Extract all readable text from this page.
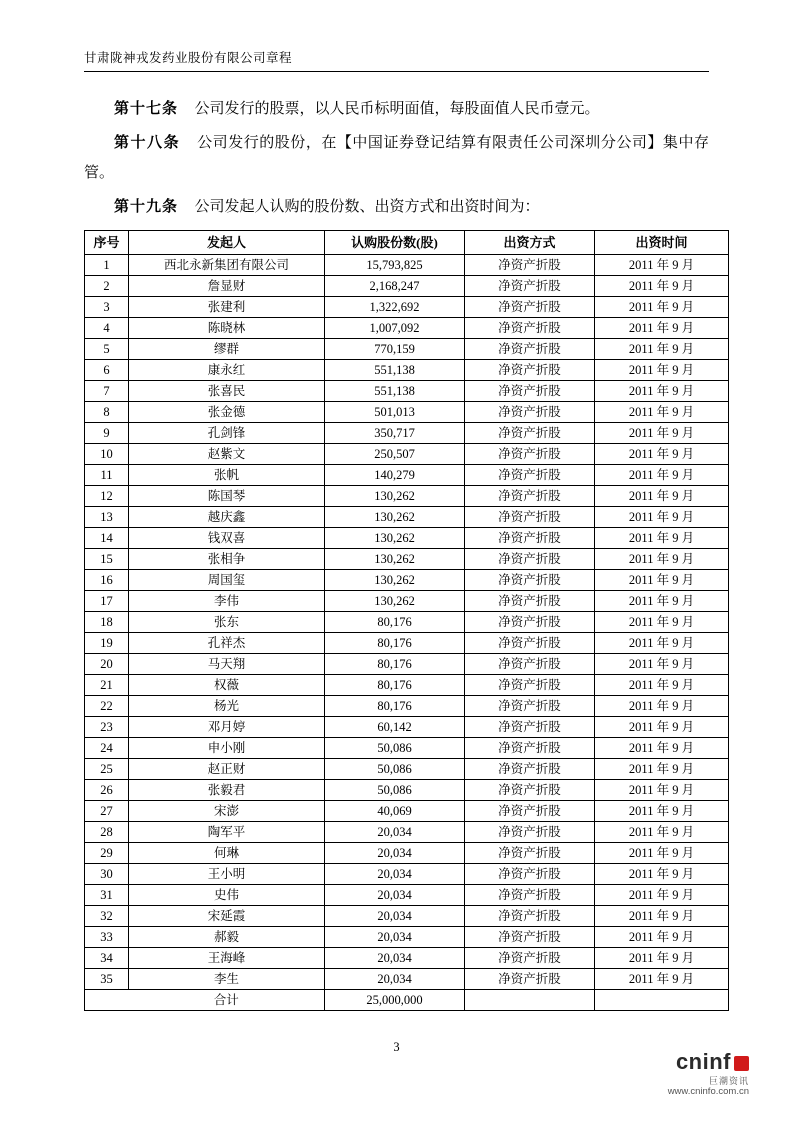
甘肃陇神戎发药业股份有限公司章程

第十七条 公司发行的股票，以人民币标明面值，每股面值人民币壹元。

第十八条 公司发行的股份，在【中国证券登记结算有限责任公司深圳分公司】集中存管。

第十九条 公司发起人认购的股份数、出资方式和出资时间为：

序号	发起人	认购股份数(股)	出资方式	出资时间
1	西北永新集团有限公司	15,793,825	净资产折股	2011 年 9 月
2	詹显财	2,168,247	净资产折股	2011 年 9 月
3	张建利	1,322,692	净资产折股	2011 年 9 月
4	陈晓林	1,007,092	净资产折股	2011 年 9 月
5	缪群	770,159	净资产折股	2011 年 9 月
6	康永红	551,138	净资产折股	2011 年 9 月
7	张喜民	551,138	净资产折股	2011 年 9 月
8	张金德	501,013	净资产折股	2011 年 9 月
9	孔剑锋	350,717	净资产折股	2011 年 9 月
10	赵紫文	250,507	净资产折股	2011 年 9 月
11	张帆	140,279	净资产折股	2011 年 9 月
12	陈国琴	130,262	净资产折股	2011 年 9 月
13	越庆鑫	130,262	净资产折股	2011 年 9 月
14	钱双喜	130,262	净资产折股	2011 年 9 月
15	张相争	130,262	净资产折股	2011 年 9 月
16	周国玺	130,262	净资产折股	2011 年 9 月
17	李伟	130,262	净资产折股	2011 年 9 月
18	张东	80,176	净资产折股	2011 年 9 月
19	孔祥杰	80,176	净资产折股	2011 年 9 月
20	马天翔	80,176	净资产折股	2011 年 9 月
21	权薇	80,176	净资产折股	2011 年 9 月
22	杨光	80,176	净资产折股	2011 年 9 月
23	邓月婷	60,142	净资产折股	2011 年 9 月
24	申小刚	50,086	净资产折股	2011 年 9 月
25	赵正财	50,086	净资产折股	2011 年 9 月
26	张毅君	50,086	净资产折股	2011 年 9 月
27	宋澎	40,069	净资产折股	2011 年 9 月
28	陶军平	20,034	净资产折股	2011 年 9 月
29	何琳	20,034	净资产折股	2011 年 9 月
30	王小明	20,034	净资产折股	2011 年 9 月
31	史伟	20,034	净资产折股	2011 年 9 月
32	宋延霞	20,034	净资产折股	2011 年 9 月
33	郝毅	20,034	净资产折股	2011 年 9 月
34	王海峰	20,034	净资产折股	2011 年 9 月
35	李生	20,034	净资产折股	2011 年 9 月
	合计	25,000,000		
3
cninf
巨潮资讯
www.cninfo.com.cn
